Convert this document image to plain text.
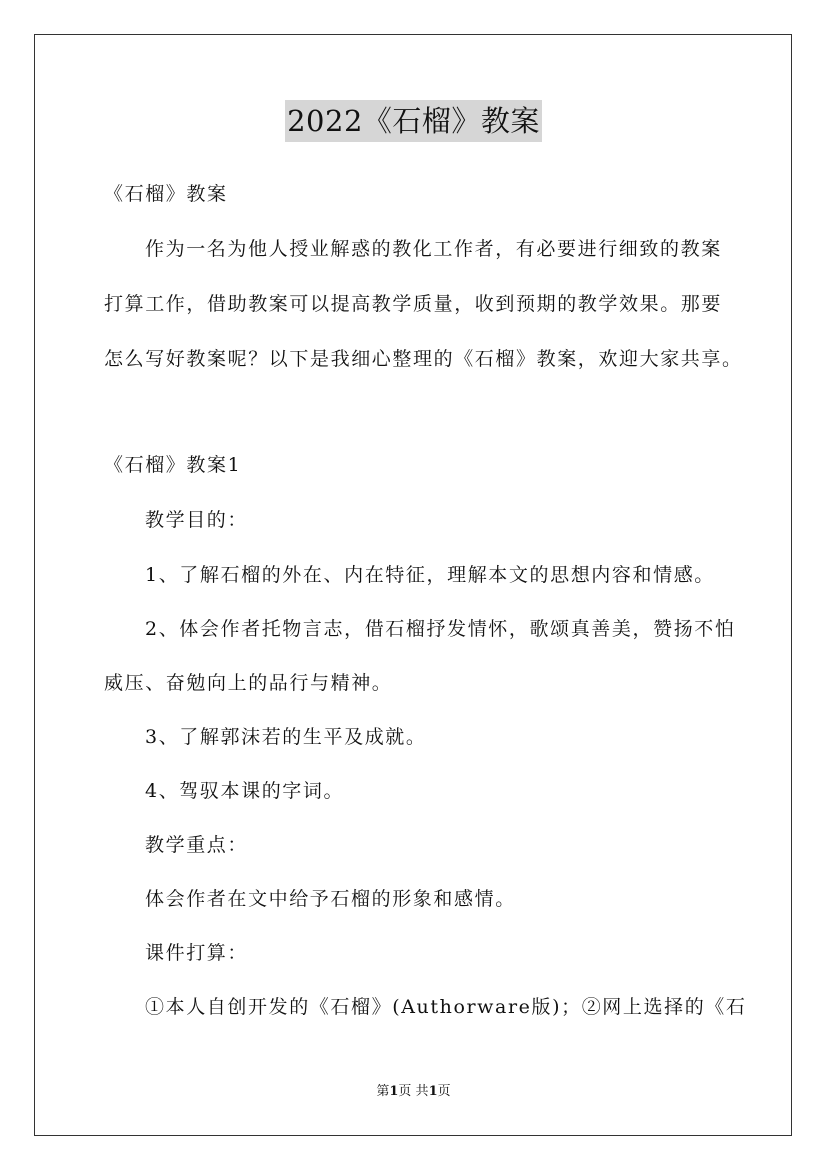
2022《石榴》教案
《石榴》教案
作为一名为他人授业解惑的教化工作者，有必要进行细致的教案
打算工作，借助教案可以提高教学质量，收到预期的教学效果。那要
怎么写好教案呢？以下是我细心整理的《石榴》教案，欢迎大家共享。
《石榴》教案1
教学目的：
1、了解石榴的外在、内在特征，理解本文的思想内容和情感。
2、体会作者托物言志，借石榴抒发情怀，歌颂真善美，赞扬不怕
威压、奋勉向上的品行与精神。
3、了解郭沫若的生平及成就。
4、驾驭本课的字词。
教学重点：
体会作者在文中给予石榴的形象和感情。
课件打算：
①本人自创开发的《石榴》(Authorware版)；②网上选择的《石
第1页 共1页
